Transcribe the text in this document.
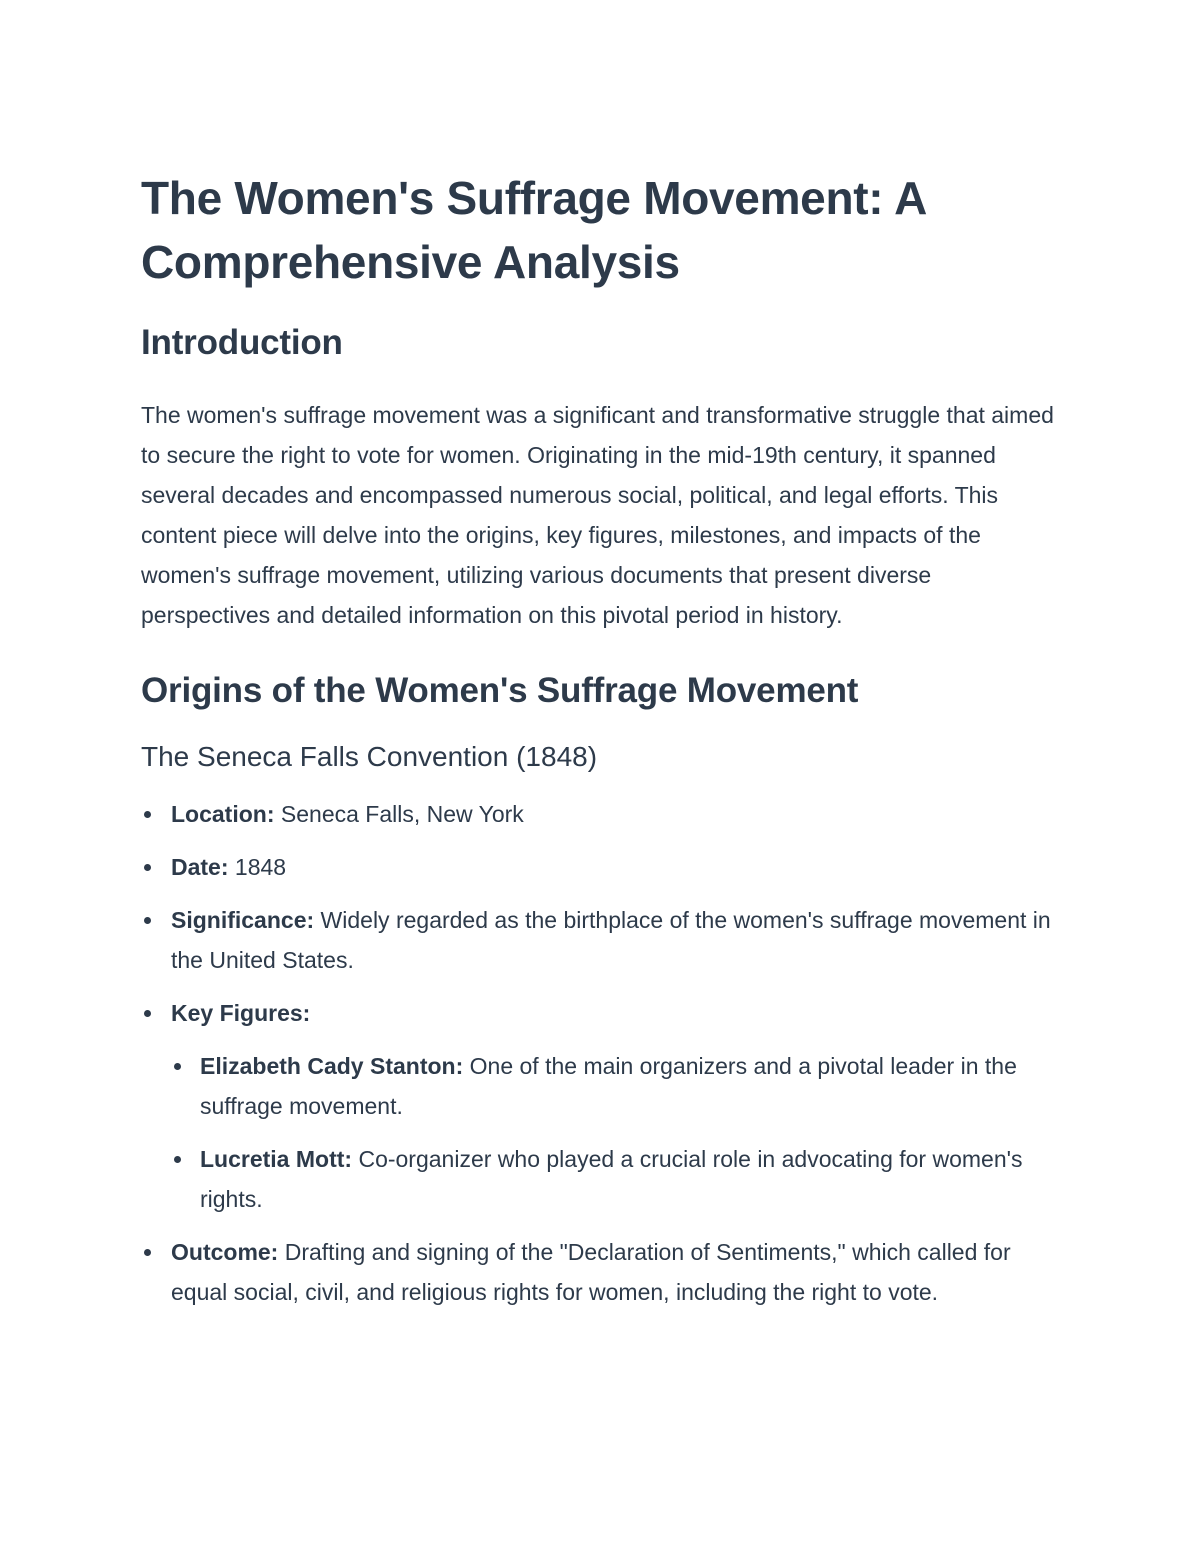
The Women's Suffrage Movement: A Comprehensive Analysis
Introduction

The women's suffrage movement was a significant and transformative struggle that aimed to secure the right to vote for women. Originating in the mid-19th century, it spanned several decades and encompassed numerous social, political, and legal efforts. This content piece will delve into the origins, key figures, milestones, and impacts of the women's suffrage movement, utilizing various documents that present diverse perspectives and detailed information on this pivotal period in history.

Origins of the Women's Suffrage Movement
The Seneca Falls Convention (1848)
Location: Seneca Falls, New York
Date: 1848
Significance: Widely regarded as the birthplace of the women's suffrage movement in the United States.
Key Figures:
Elizabeth Cady Stanton: One of the main organizers and a pivotal leader in the suffrage movement.
Lucretia Mott: Co-organizer who played a crucial role in advocating for women's rights.
Outcome: Drafting and signing of the "Declaration of Sentiments," which called for equal social, civil, and religious rights for women, including the right to vote.
